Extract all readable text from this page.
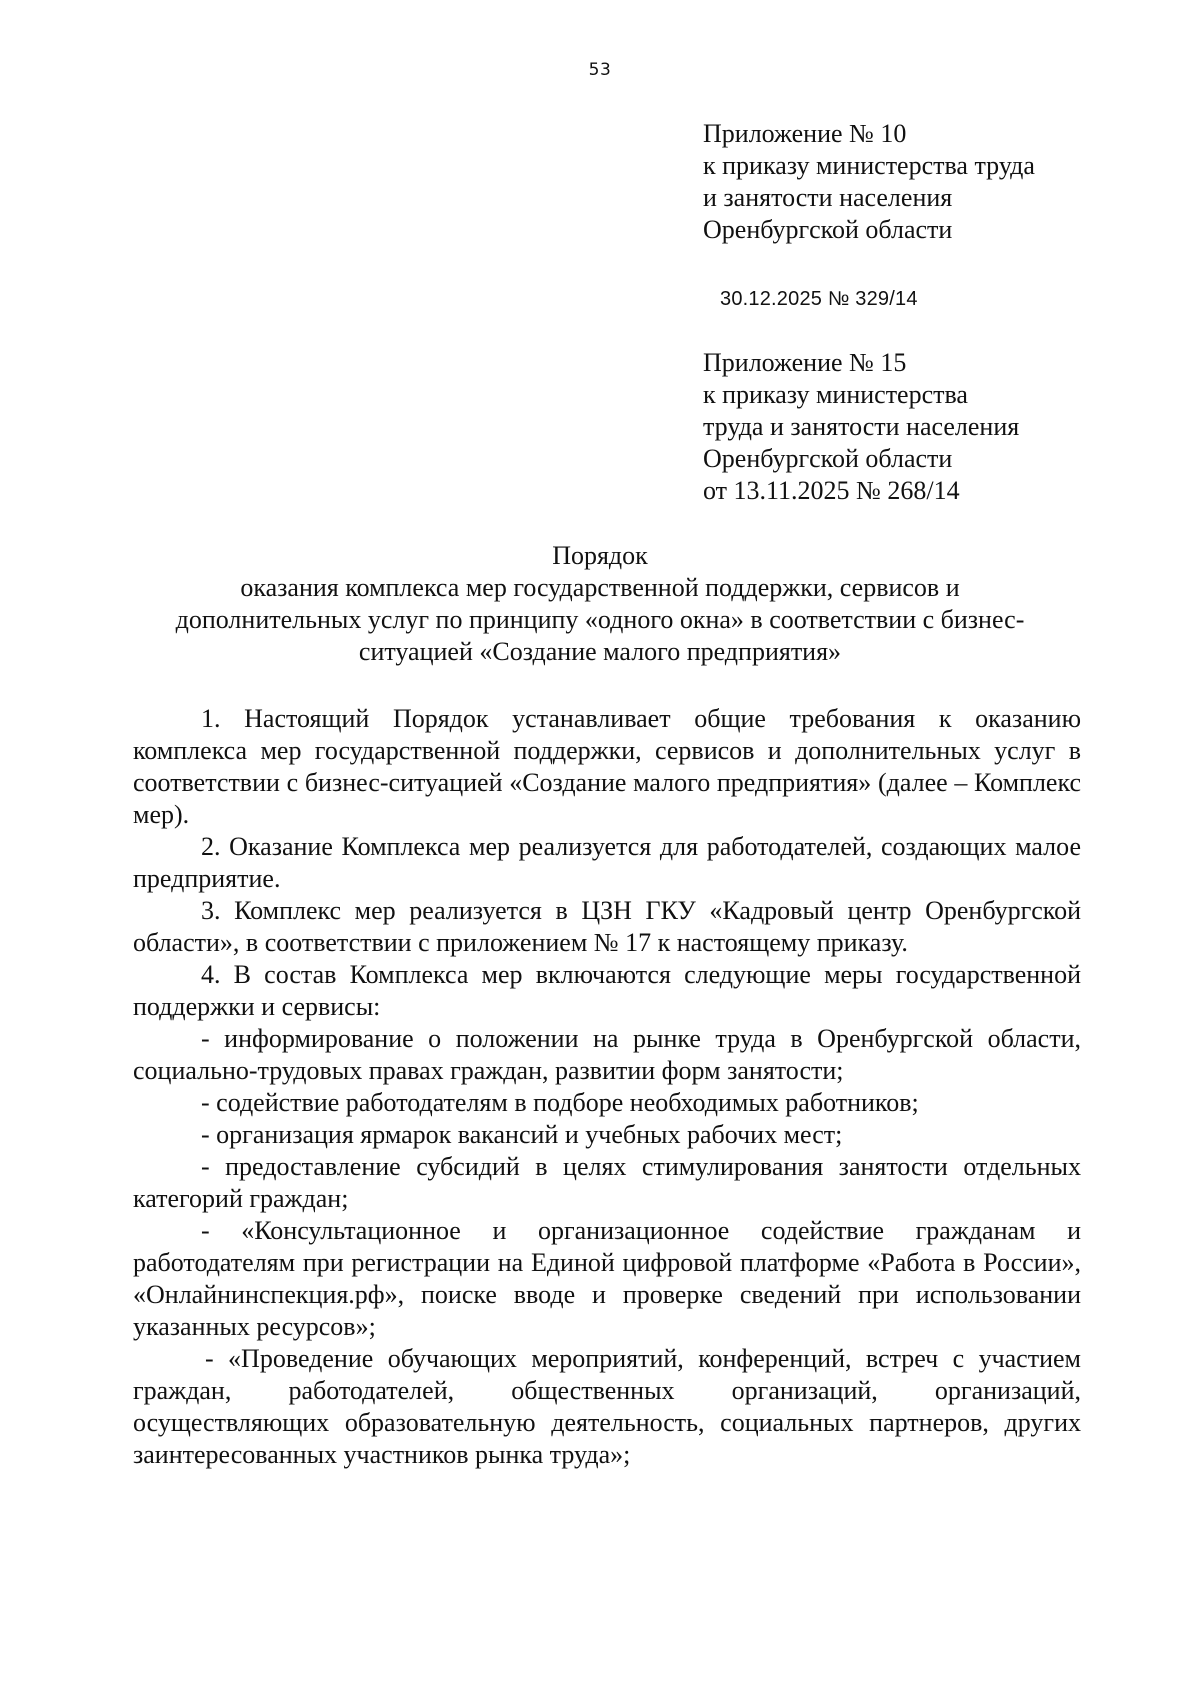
53
Приложение № 10
к приказу министерства труда
и занятости населения
Оренбургской области
30.12.2025 № 329/14
Приложение № 15
к приказу министерства
труда и занятости населения
Оренбургской области
от 13.11.2025 № 268/14
Порядок
оказания комплекса мер государственной поддержки, сервисов и
дополнительных услуг по принципу «одного окна» в соответствии с бизнес-
ситуацией «Создание малого предприятия»

1. Настоящий Порядок устанавливает общие требования к оказанию комплекса мер государственной поддержки, сервисов и дополнительных услуг в соответствии с бизнес-ситуацией «Создание малого предприятия» (далее – Комплекс мер).

2. Оказание Комплекса мер реализуется для работодателей, создающих малое предприятие.

3. Комплекс мер реализуется в ЦЗН ГКУ «Кадровый центр Оренбургской области», в соответствии с приложением № 17 к настоящему приказу.

4. В состав Комплекса мер включаются следующие меры государственной поддержки и сервисы:

- информирование о положении на рынке труда в Оренбургской области, социально-трудовых правах граждан, развитии форм занятости;

- содействие работодателям в подборе необходимых работников;

- организация ярмарок вакансий и учебных рабочих мест;

- предоставление субсидий в целях стимулирования занятости отдельных категорий граждан;

- «Консультационное и организационное содействие гражданам и работодателям при регистрации на Единой цифровой платформе «Работа в России», «Онлайнинспекция.рф», поиске вводе и проверке сведений при использовании указанных ресурсов»;

- «Проведение обучающих мероприятий, конференций, встреч с участием граждан, работодателей, общественных организаций, организаций, осуществляющих образовательную деятельность, социальных партнеров, других заинтересованных участников рынка труда»;
